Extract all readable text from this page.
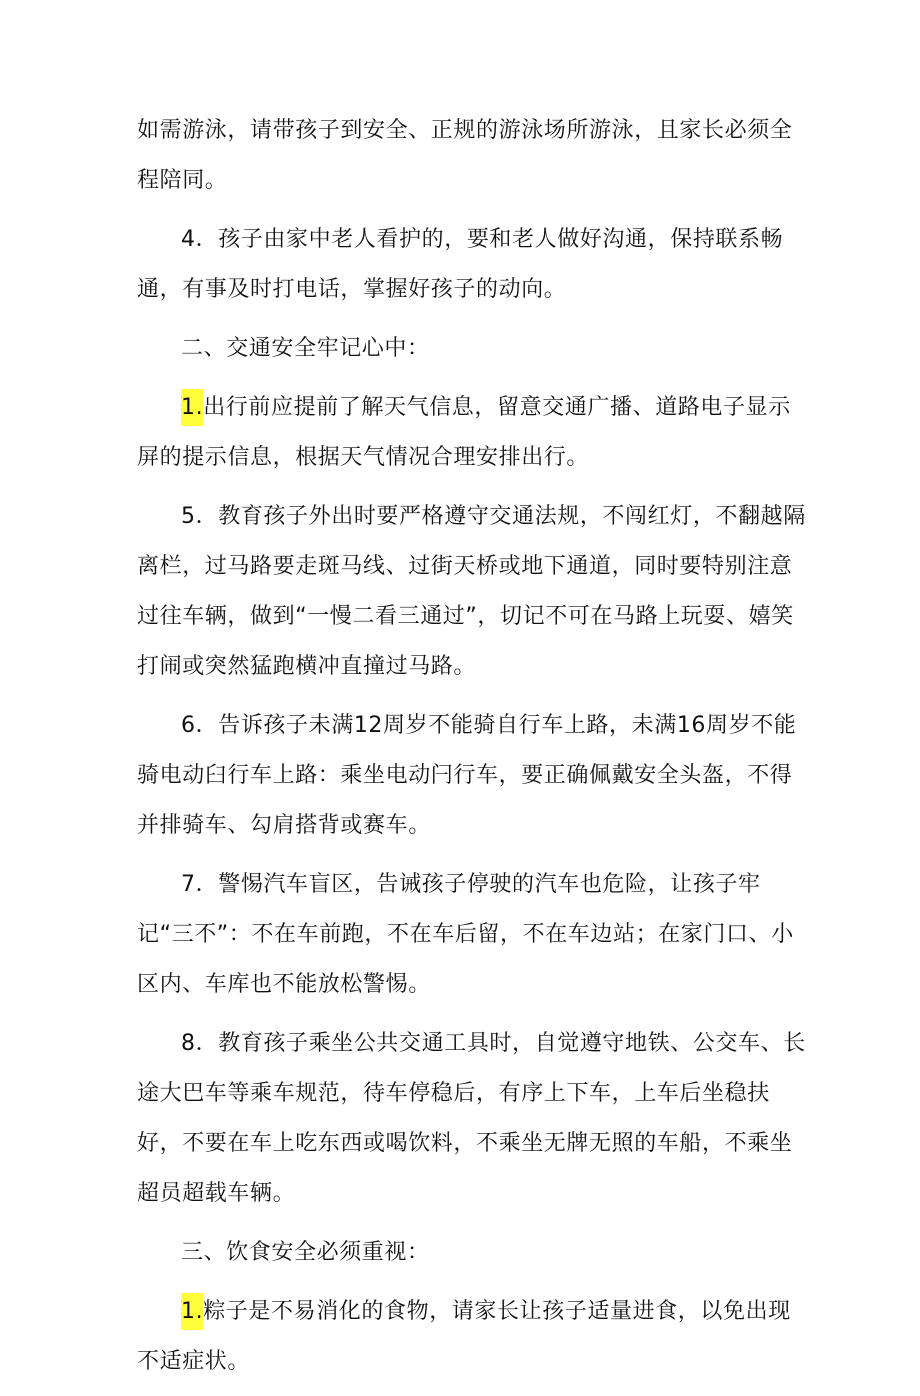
如需游泳，请带孩子到安全、正规的游泳场所游泳，且家长必须全程陪同。

4．孩子由家中老人看护的，要和老人做好沟通，保持联系畅通，有事及时打电话，掌握好孩子的动向。

二、交通安全牢记心中：

1.出行前应提前了解天气信息，留意交通广播、道路电子显示屏的提示信息，根据天气情况合理安排出行。

5．教育孩子外出时要严格遵守交通法规，不闯红灯，不翻越隔离栏，过马路要走斑马线、过街天桥或地下通道，同时要特别注意过往车辆，做到“一慢二看三通过”，切记不可在马路上玩耍、嬉笑打闹或突然猛跑横冲直撞过马路。

6．告诉孩子未满12周岁不能骑自行车上路，未满16周岁不能骑电动臼行车上路：乘坐电动闩行车，要正确佩戴安全头盔，不得并排骑车、勾肩搭背或赛车。

7．警惕汽车盲区，告诫孩子停驶的汽车也危险，让孩子牢记“三不”：不在车前跑，不在车后留，不在车边站；在家门口、小区内、车库也不能放松警惕。

8．教育孩子乘坐公共交通工具时，自觉遵守地铁、公交车、长途大巴车等乘车规范，待车停稳后，有序上下车，上车后坐稳扶好，不要在车上吃东西或喝饮料，不乘坐无牌无照的车船，不乘坐超员超载车辆。

三、饮食安全必须重视：

1.粽子是不易消化的食物，请家长让孩子适量进食，以免出现不适症状。
